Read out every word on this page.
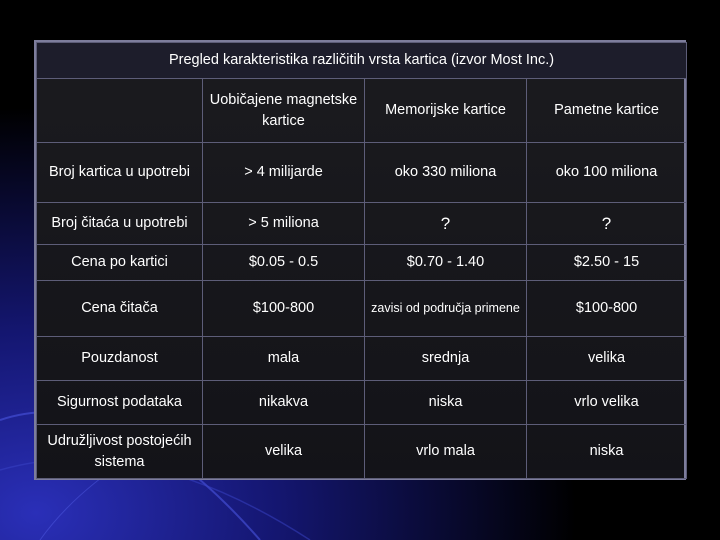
Pregled karakteristika različitih vrsta kartica (izvor Most Inc.)			
	Uobičajene magnetske kartice	Memorijske kartice	Pametne kartice
Broj kartica u upotrebi	> 4 milijarde	oko 330 miliona	oko 100 miliona
Broj čitaća u upotrebi	> 5 miliona	?	?
Cena po kartici	$0.05 - 0.5	$0.70 - 1.40	$2.50 - 15
Cena čitača	$100-800	zavisi od područja primene	$100-800
Pouzdanost	mala	srednja	velika
Sigurnost podataka	nikakva	niska	vrlo velika
Udružljivost postojećih sistema	velika	vrlo mala	niska
